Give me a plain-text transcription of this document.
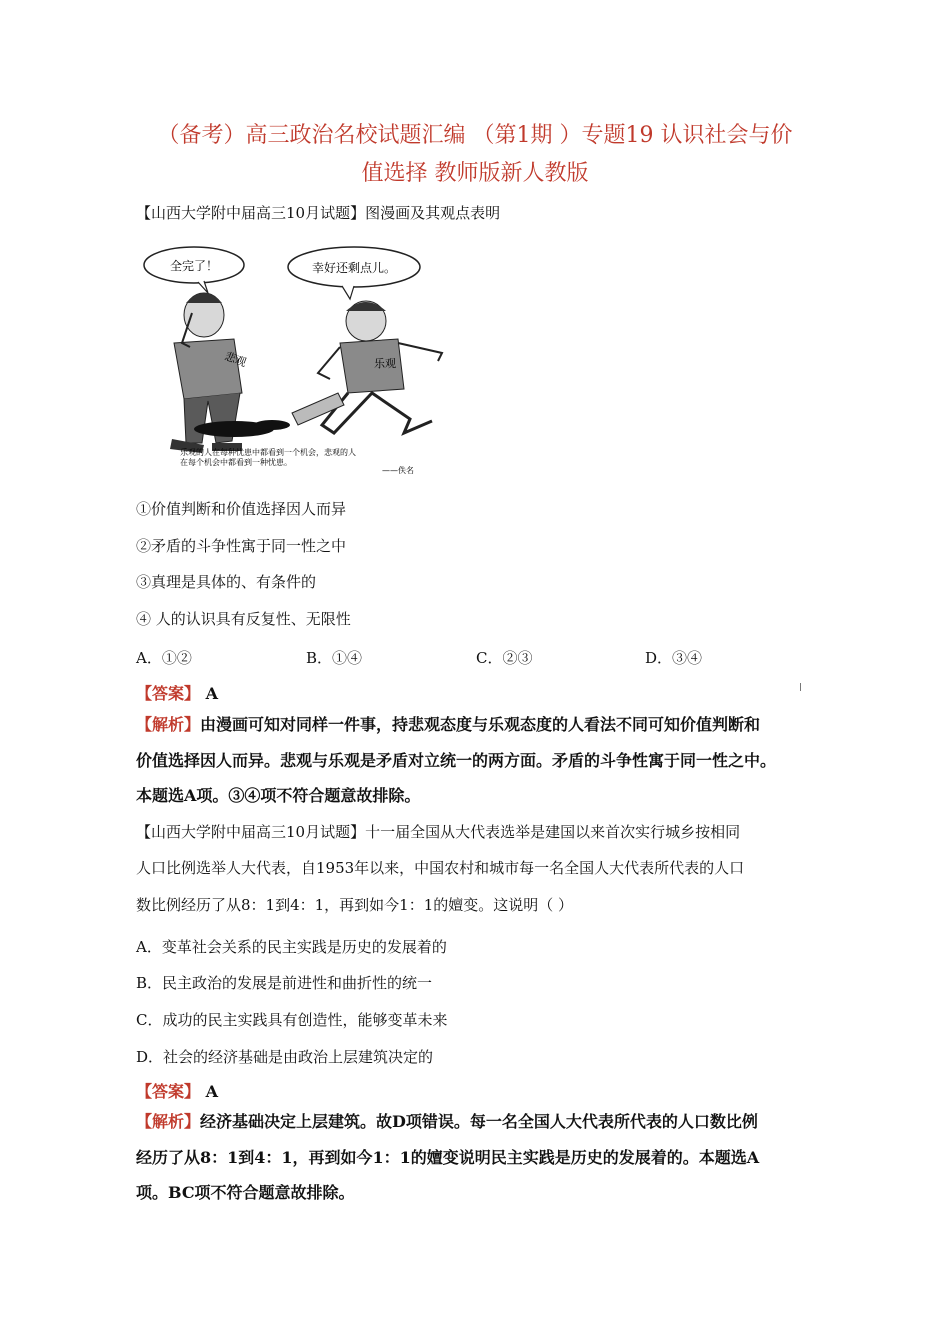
（备考）高三政治名校试题汇编 （第1期 ）专题19 认识社会与价
值选择 教师版新人教版
【山西大学附中届高三10月试题】图漫画及其观点表明
全完了！	幸好还剩点儿。
悲观	乐观
乐观的人在每种忧患中都看到一个机会，悲观的人
在每个机会中都看到一种忧患。
——佚名
①价值判断和价值选择因人而异
②矛盾的斗争性寓于同一性之中
③真理是具体的、有条件的
④ 人的认识具有反复性、无限性
A．①②	B．①④	C．②③	D．③④
【答案】 A
【解析】由漫画可知对同样一件事，持悲观态度与乐观态度的人看法不同可知价值判断和
价值选择因人而异。悲观与乐观是矛盾对立统一的两方面。矛盾的斗争性寓于同一性之中。
本题选A项。③④项不符合题意故排除。
【山西大学附中届高三10月试题】十一届全国从大代表选举是建国以来首次实行城乡按相同
人口比例选举人大代表，自1953年以来，中国农村和城市每一名全国人大代表所代表的人口
数比例经历了从8：1到4：1，再到如今1：1的嬗变。这说明（ ）
A．变革社会关系的民主实践是历史的发展着的
B．民主政治的发展是前进性和曲折性的统一
C．成功的民主实践具有创造性，能够变革未来
D．社会的经济基础是由政治上层建筑决定的
【答案】 A
【解析】经济基础决定上层建筑。故D项错误。每一名全国人大代表所代表的人口数比例
经历了从8：1到4：1，再到如今1：1的嬗变说明民主实践是历史的发展着的。本题选A
项。BC项不符合题意故排除。
